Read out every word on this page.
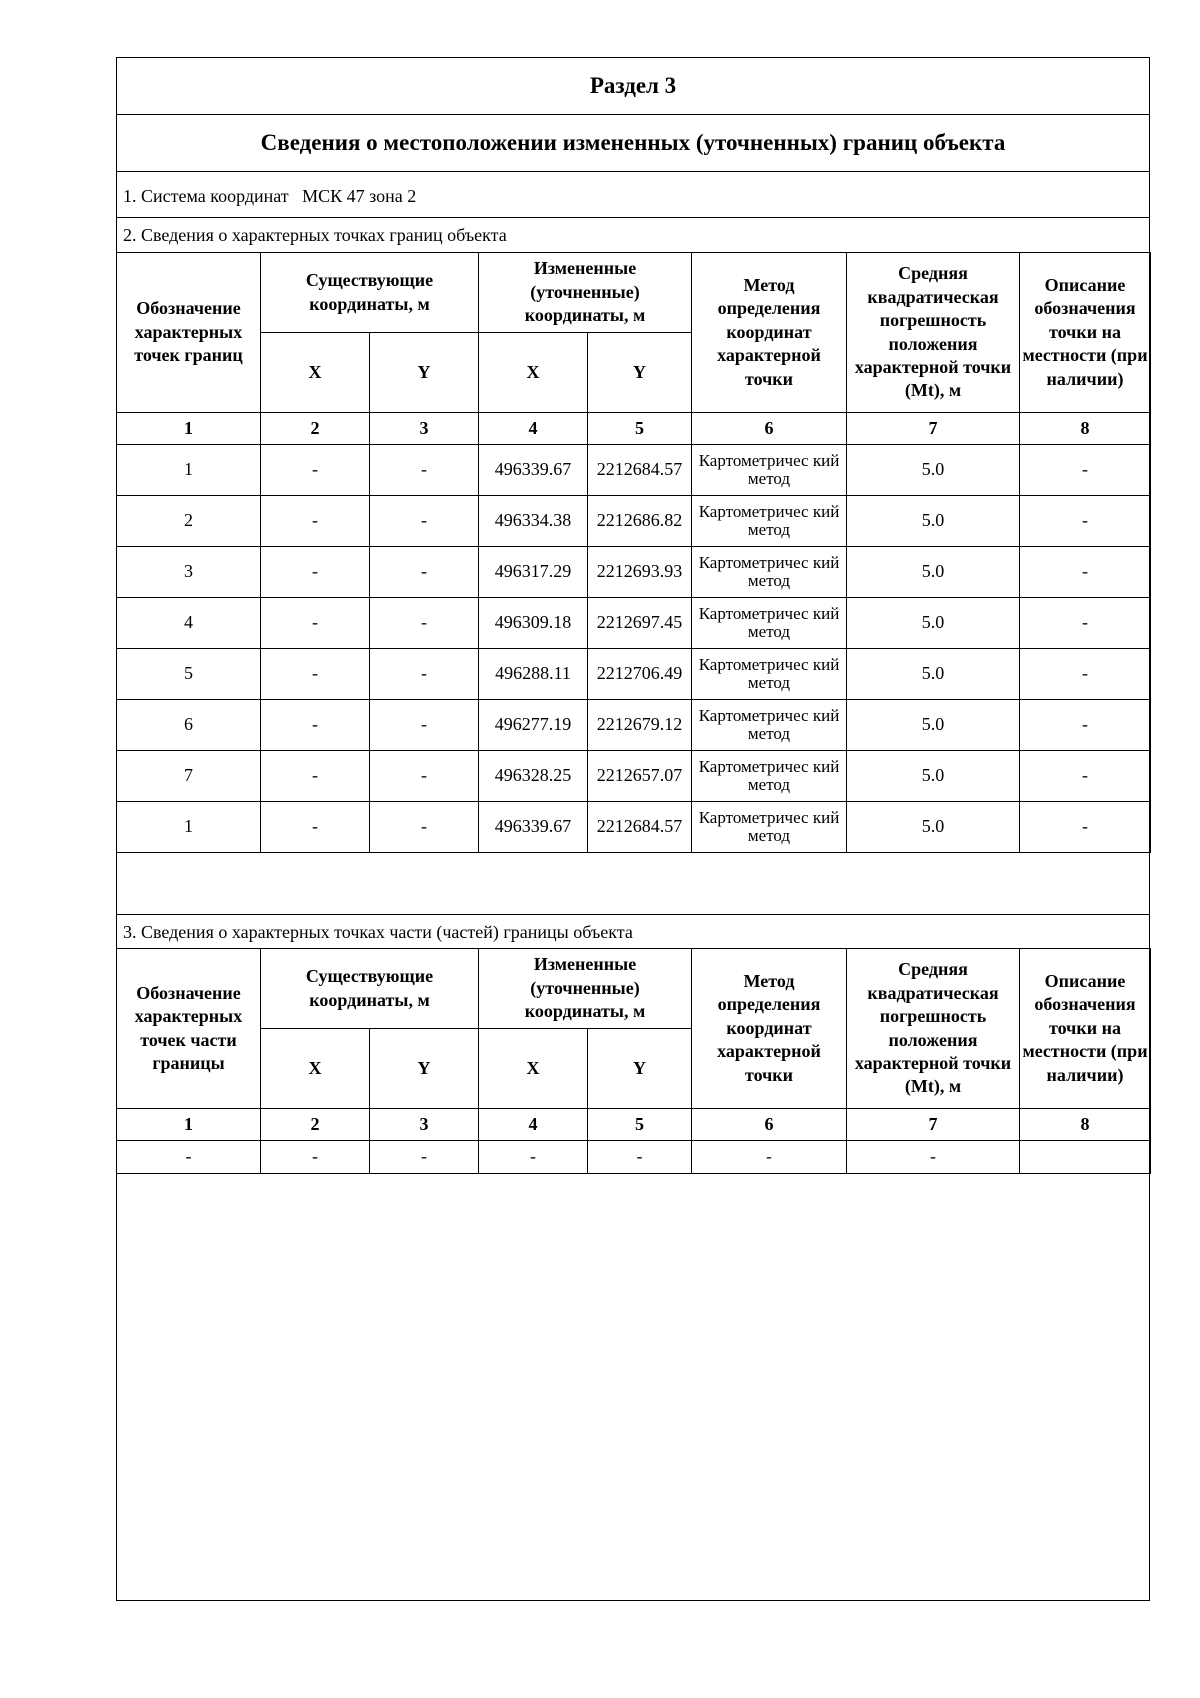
Раздел 3
Сведения о местоположении измененных (уточненных) границ объекта
1. Система координат МСК 47 зона 2
2. Сведения о характерных точках границ объекта
Обозначение характерных точек границ	Существующие координаты, м		Измененные (уточненные) координаты, м		Метод определения координат характерной точки	Средняя квадратическая погрешность положения характерной точки (Mt), м	Описание обозначения точки на местности (при наличии)
	X	Y	X	Y			
1	2	3	4	5	6	7	8
1	-	-	496339.67	2212684.57	Картометричес кий метод	5.0	-
2	-	-	496334.38	2212686.82	Картометричес кий метод	5.0	-
3	-	-	496317.29	2212693.93	Картометричес кий метод	5.0	-
4	-	-	496309.18	2212697.45	Картометричес кий метод	5.0	-
5	-	-	496288.11	2212706.49	Картометричес кий метод	5.0	-
6	-	-	496277.19	2212679.12	Картометричес кий метод	5.0	-
7	-	-	496328.25	2212657.07	Картометричес кий метод	5.0	-
1	-	-	496339.67	2212684.57	Картометричес кий метод	5.0	-
3. Сведения о характерных точках части (частей) границы объекта
Обозначение характерных точек части границы	Существующие координаты, м		Измененные (уточненные) координаты, м		Метод определения координат характерной точки	Средняя квадратическая погрешность положения характерной точки (Mt), м	Описание обозначения точки на местности (при наличии)
	X	Y	X	Y			
1	2	3	4	5	6	7	8
-	-	-	-	-	-	-	
